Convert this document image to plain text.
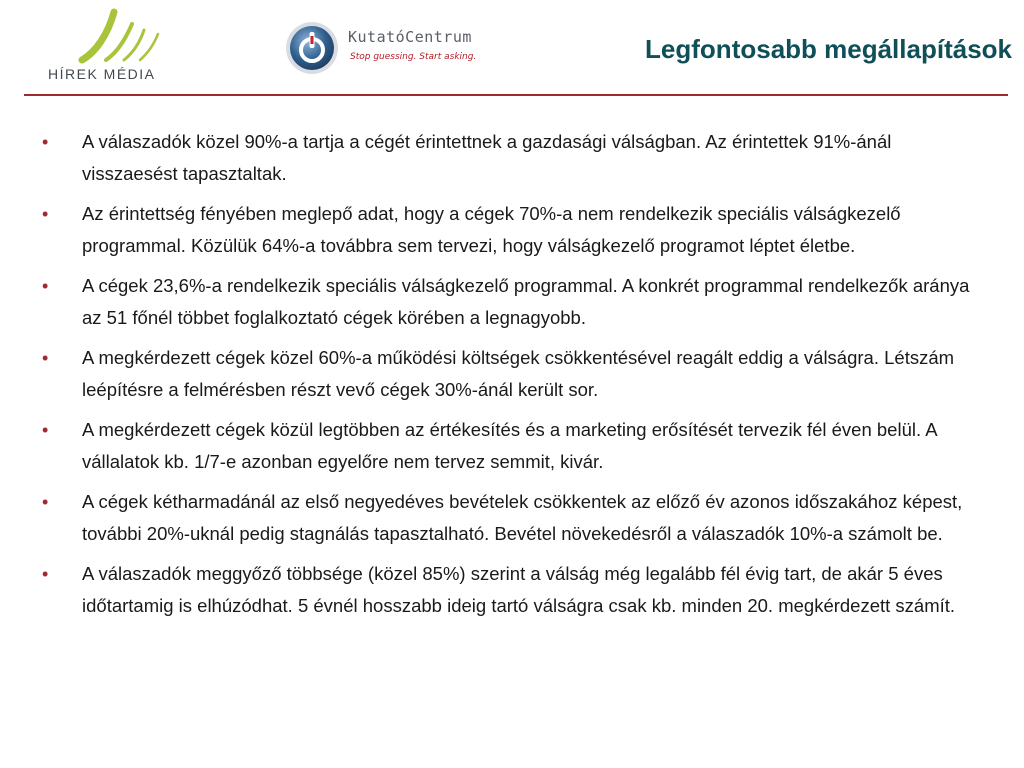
HÍREK MÉDIA
KutatóCentrum
Stop guessing. Start asking.	Legfontosabb megállapítások
•	A válaszadók közel 90%-a tartja a cégét érintettnek a gazdasági válságban. Az érintettek 91%-ánál visszaesést tapasztaltak.
•	Az érintettség fényében meglepő adat, hogy a cégek 70%-a nem rendelkezik speciális válságkezelő programmal. Közülük 64%-a továbbra sem tervezi, hogy válságkezelő programot léptet életbe.
•	A cégek 23,6%-a rendelkezik speciális válságkezelő programmal. A konkrét programmal rendelkezők aránya az 51 főnél többet foglalkoztató cégek körében a legnagyobb.
•	A megkérdezett cégek közel 60%-a működési költségek csökkentésével reagált eddig a válságra. Létszám leépítésre a felmérésben részt vevő cégek 30%-ánál került sor.
•	A megkérdezett cégek közül legtöbben az értékesítés és a marketing erősítését tervezik fél éven belül. A vállalatok kb. 1/7-e azonban egyelőre nem tervez semmit, kivár.
•	A cégek kétharmadánál az első negyedéves bevételek csökkentek az előző év azonos időszakához képest, további 20%-uknál pedig stagnálás tapasztalható. Bevétel növekedésről a válaszadók 10%-a számolt be.
•	A válaszadók meggyőző többsége (közel 85%) szerint a válság még legalább fél évig tart, de akár 5 éves időtartamig is elhúzódhat. 5 évnél hosszabb ideig tartó válságra csak kb. minden 20. megkérdezett számít.
